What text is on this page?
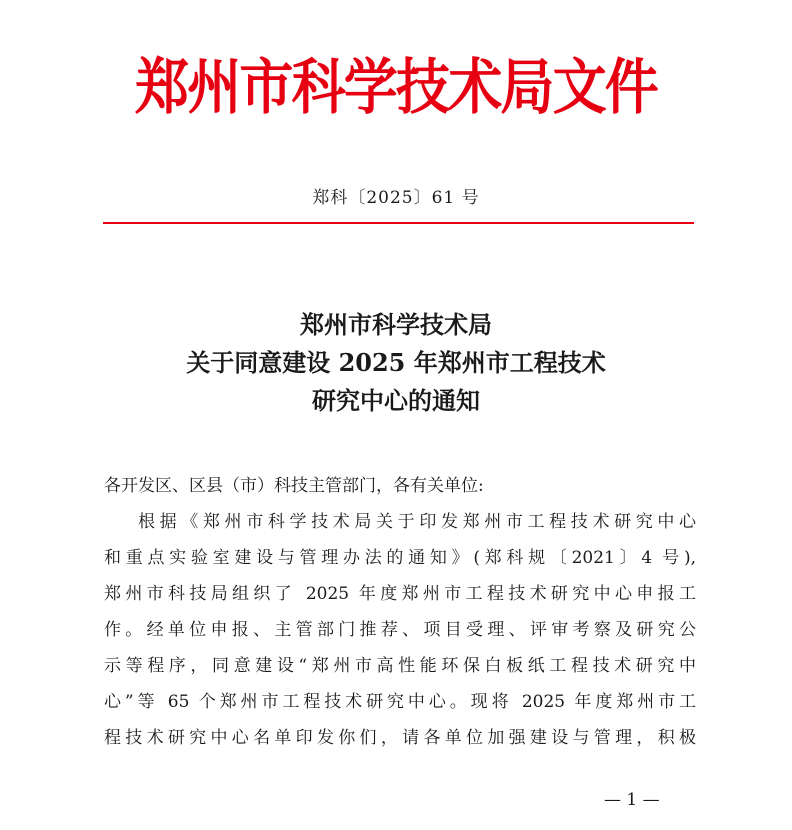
郑州市科学技术局文件
郑科〔2025〕61 号
郑州市科学技术局
关于同意建设 2025 年郑州市工程技术
研究中心的通知
各开发区、区县（市）科技主管部门，各有关单位:
根据《郑州市科学技术局关于印发郑州市工程技术研究中心
和重点实验室建设与管理办法的通知》(郑科规〔2021〕4 号),
郑州市科技局组织了 2025 年度郑州市工程技术研究中心申报工
作。经单位申报、主管部门推荐、项目受理、评审考察及研究公
示等程序，同意建设“郑州市高性能环保白板纸工程技术研究中
心”等 65 个郑州市工程技术研究中心。现将 2025 年度郑州市工
程技术研究中心名单印发你们，请各单位加强建设与管理，积极
— 1 —
